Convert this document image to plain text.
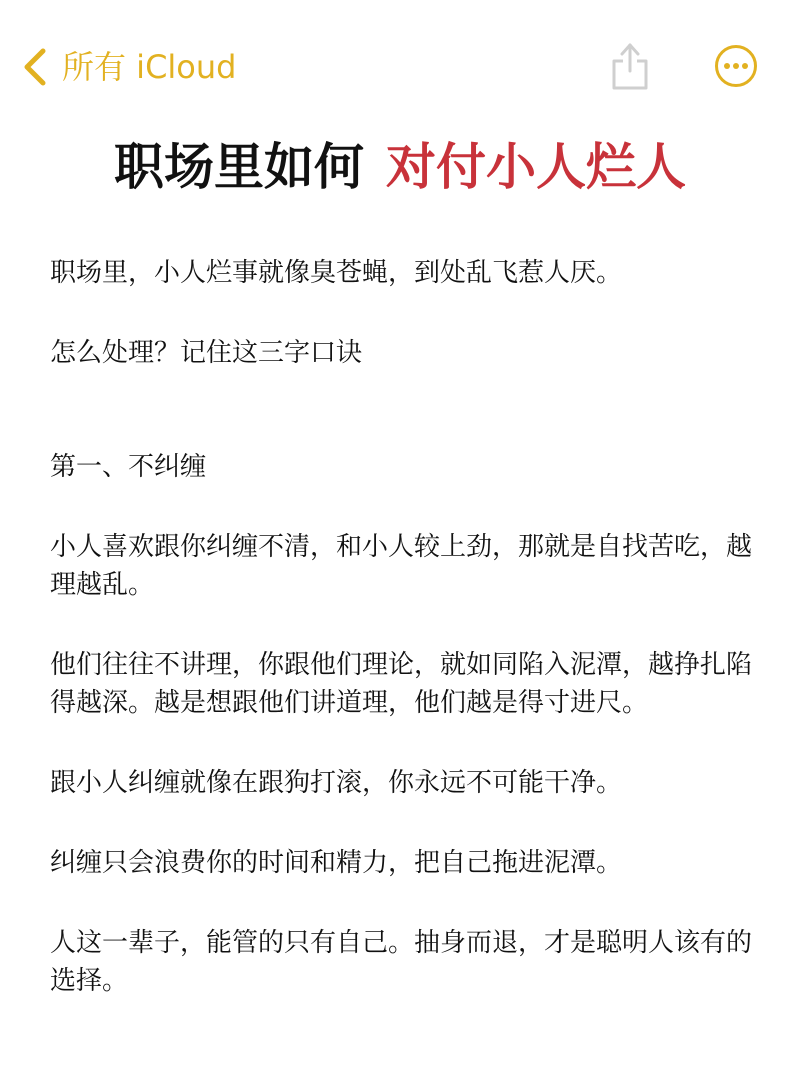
所有 iCloud
职场里如何 对付小人烂人

职场里，小人烂事就像臭苍蝇，到处乱飞惹人厌。

怎么处理？记住这三字口诀

第一、不纠缠

小人喜欢跟你纠缠不清，和小人较上劲，那就是自找苦吃，越理越乱。

他们往往不讲理，你跟他们理论，就如同陷入泥潭，越挣扎陷得越深。越是想跟他们讲道理，他们越是得寸进尺。

跟小人纠缠就像在跟狗打滚，你永远不可能干净。

纠缠只会浪费你的时间和精力，把自己拖进泥潭。

人这一辈子，能管的只有自己。抽身而退，才是聪明人该有的选择。
